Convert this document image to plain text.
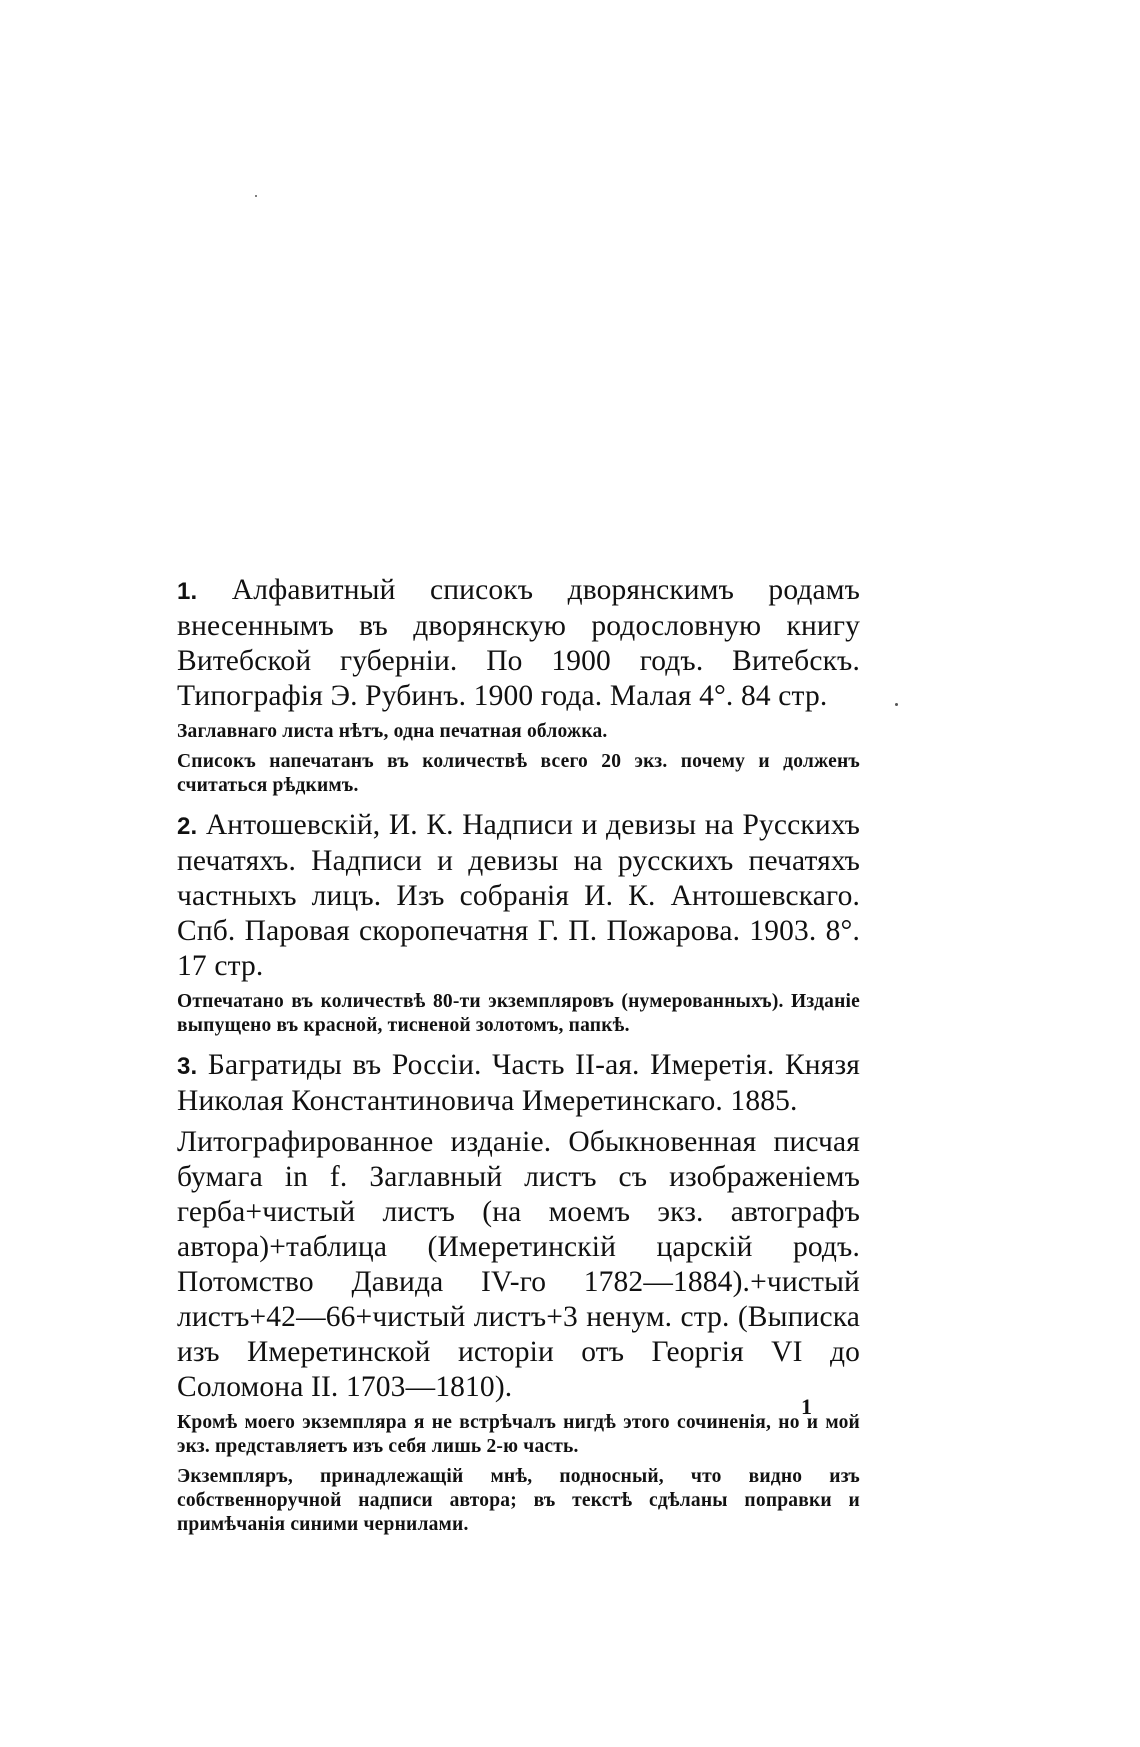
1. Алфавитный списокъ дворянскимъ родамъ внесеннымъ въ дворянскую родословную книгу Витебской губерніи. По 1900 годъ. Витебскъ. Типографія Э. Рубинъ. 1900 года. Малая 4°. 84 стр.

Заглавнаго листа нѣтъ, одна печатная обложка.

Списокъ напечатанъ въ количествѣ всего 20 экз. почему и долженъ считаться рѣдкимъ.

2. Антошевскій, И. К. Надписи и девизы на Русскихъ печатяхъ. Надписи и девизы на русскихъ печатяхъ частныхъ лицъ. Изъ собранія И. К. Антошевскаго. Спб. Паровая скоропечатня Г. П. Пожарова. 1903. 8°. 17 стр.

Отпечатано въ количествѣ 80-ти экземпляровъ (нумерованныхъ). Изданіе выпущено въ красной, тисненой золотомъ, папкѣ.

3. Багратиды въ Россіи. Часть II-ая. Имеретія. Князя Николая Константиновича Имеретинскаго. 1885.

Литографированное изданіе. Обыкновенная писчая бумага in f. Заглавный листъ съ изображеніемъ герба+чистый листъ (на моемъ экз. автографъ автора)+таблица (Имеретинскій царскій родъ. Потомство Давида IV-го 1782—1884).+чистый листъ+42—66+чистый листъ+3 ненум. стр. (Выписка изъ Имеретинской исторіи отъ Георгія VI до Соломона II. 1703—1810).

Кромѣ моего экземпляра я не встрѣчалъ нигдѣ этого сочиненія, но и мой экз. представляетъ изъ себя лишь 2-ю часть.

Экземпляръ, принадлежащій мнѣ, подносный, что видно изъ собственноручной надписи автора; въ текстѣ сдѣланы поправки и примѣчанія синими чернилами.

1
